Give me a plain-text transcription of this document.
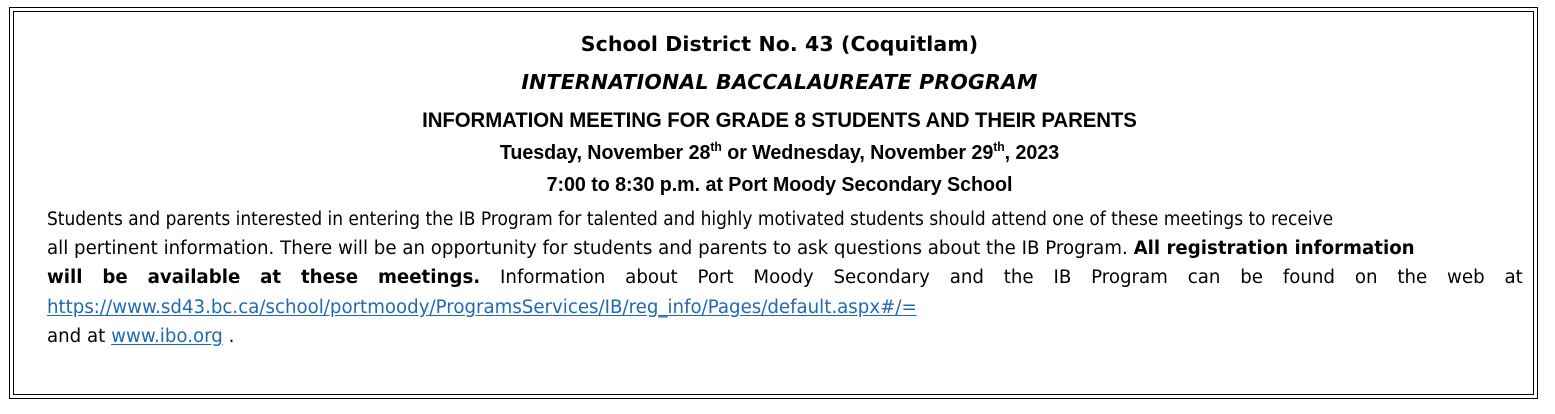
School District No. 43 (Coquitlam)
INTERNATIONAL BACCALAUREATE PROGRAM
INFORMATION MEETING FOR GRADE 8 STUDENTS AND THEIR PARENTS
Tuesday, November 28th or Wednesday, November 29th, 2023
7:00 to 8:30 p.m. at Port Moody Secondary School
Students and parents interested in entering the IB Program for talented and highly motivated students should attend one of these meetings to receive
all pertinent information. There will be an opportunity for students and parents to ask questions about the IB Program. All registration information
will be available at these meetings. Information about Port Moody Secondary and the IB Program can be found on the web at
https://www.sd43.bc.ca/school/portmoody/ProgramsServices/IB/reg_info/Pages/default.aspx#/=
and at www.ibo.org .
